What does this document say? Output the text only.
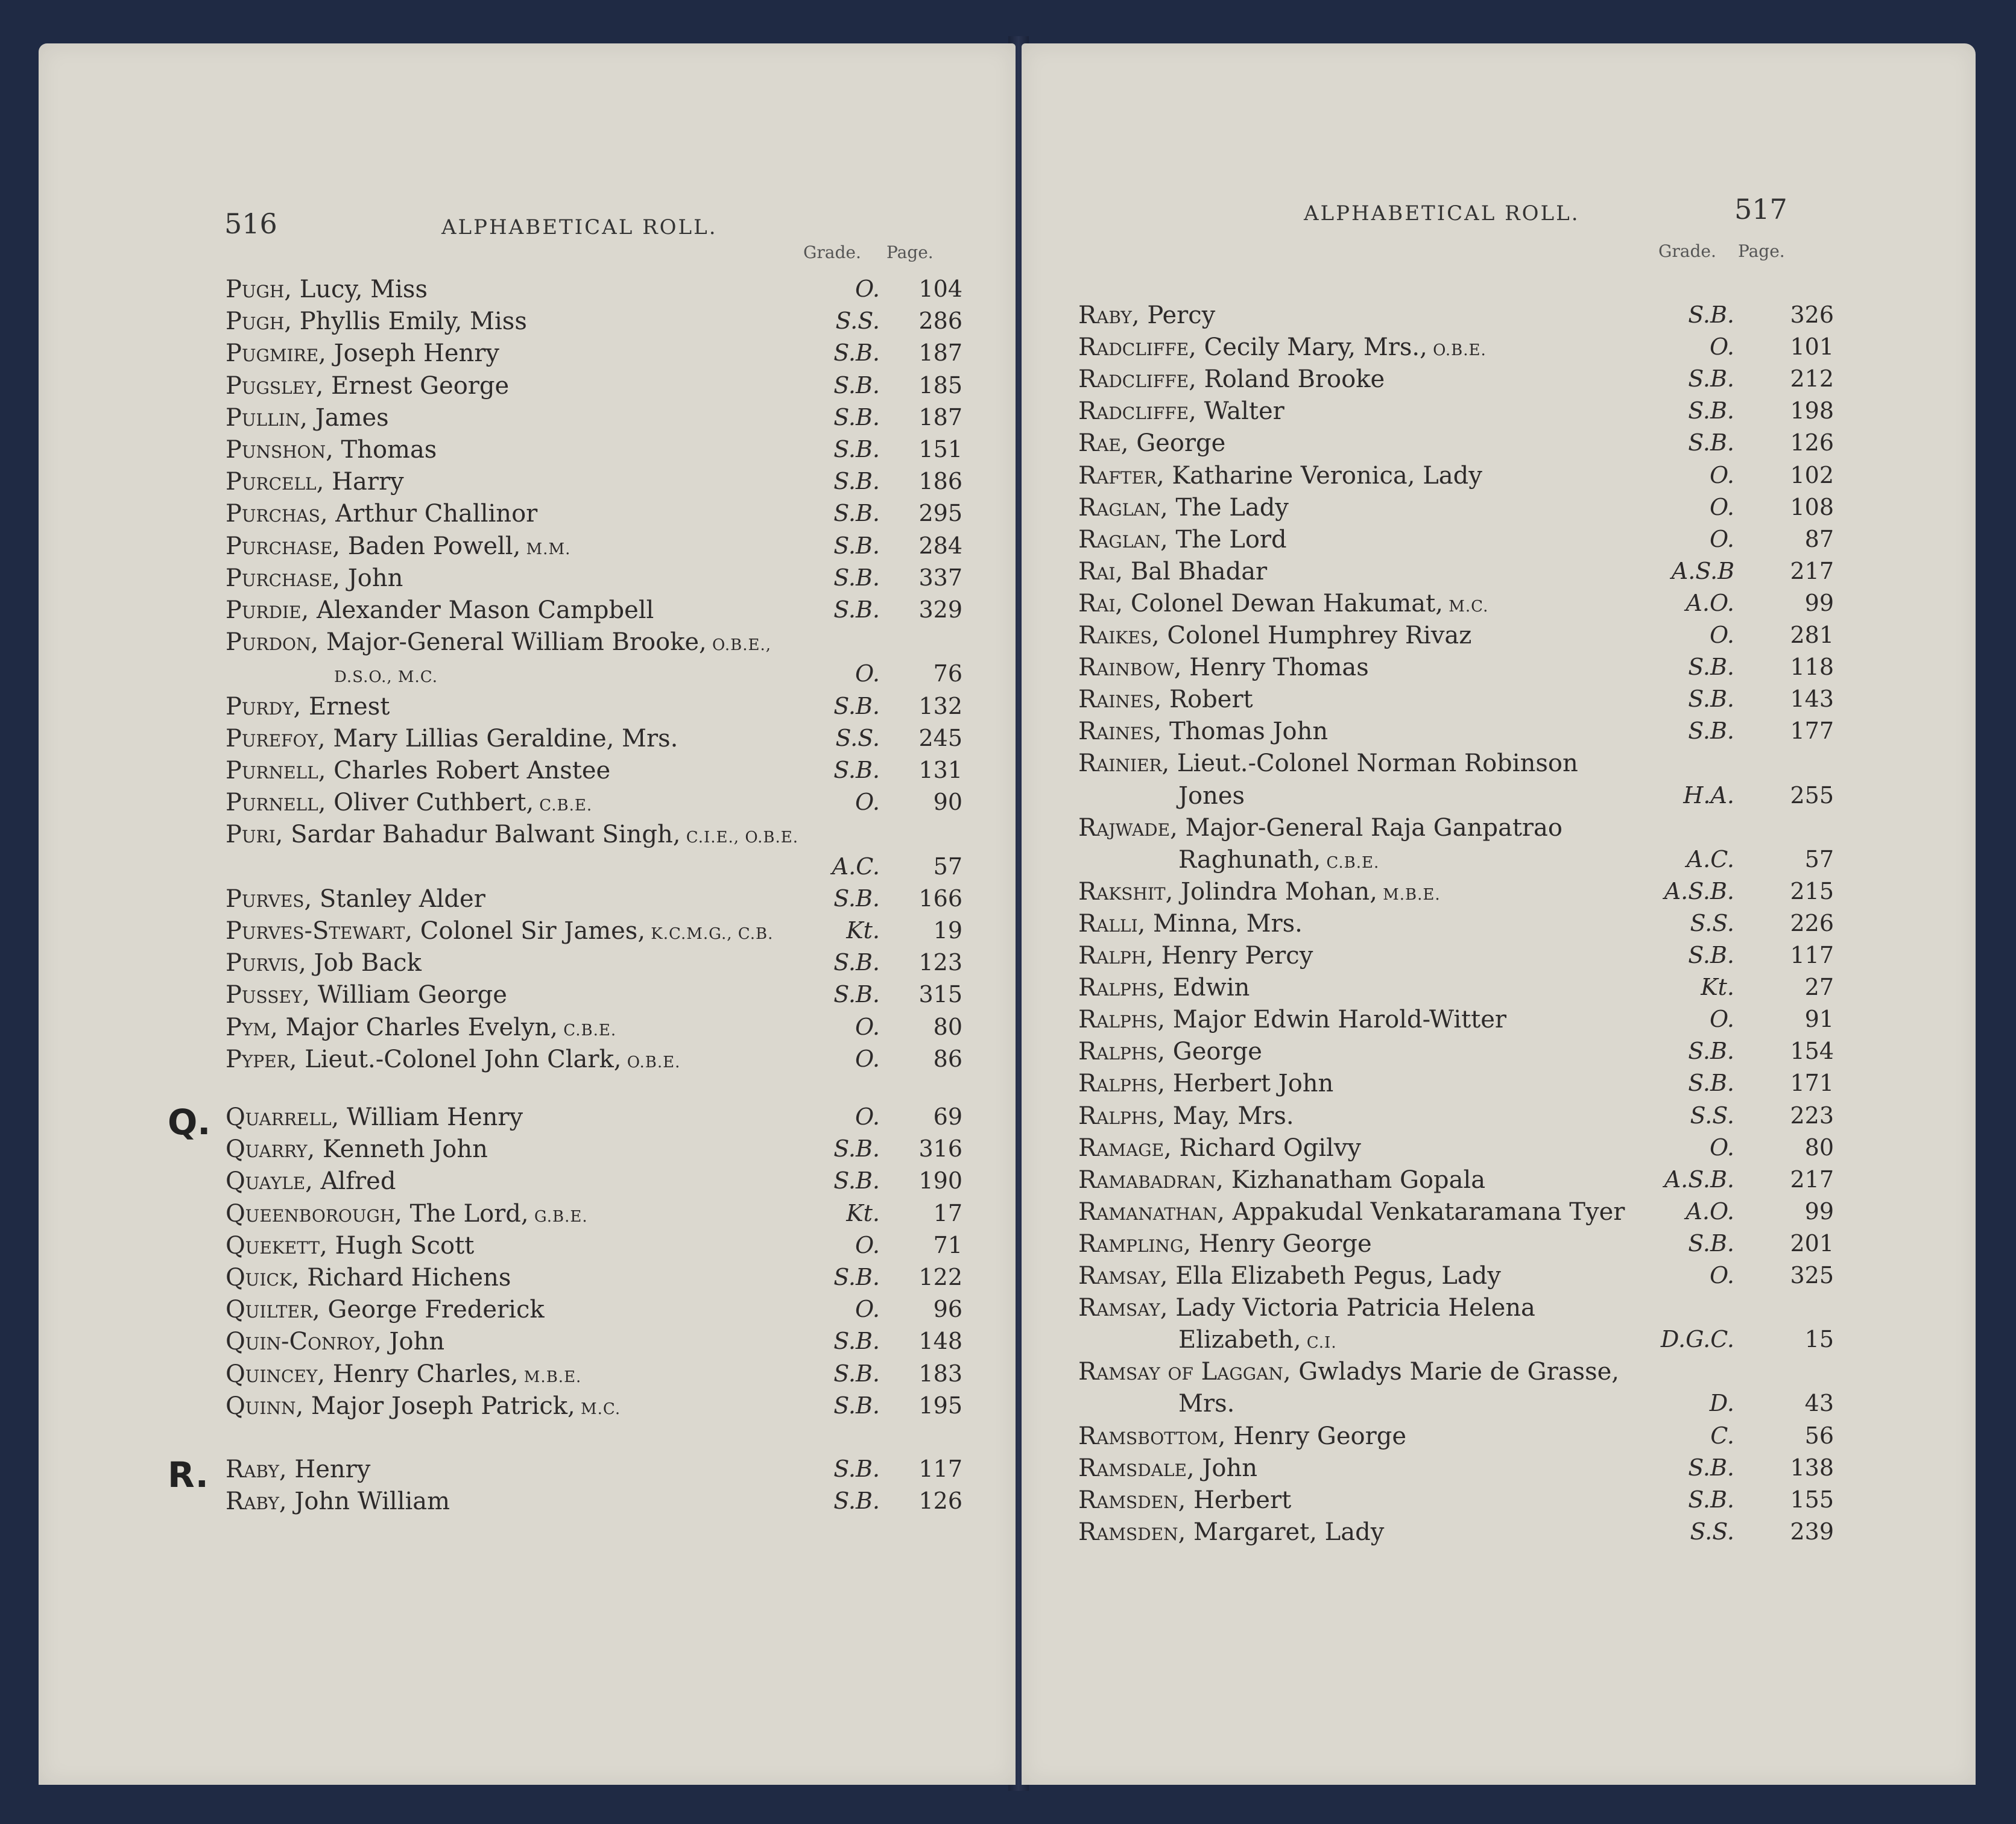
516	ALPHABETICAL ROLL.
Grade. Page.
Pugh, Lucy, Miss	O. 104
Pugh, Phyllis Emily, Miss	S.S. 286
Pugmire, Joseph Henry	S.B. 187
Pugsley, Ernest George	S.B. 185
Pullin, James	S.B. 187
Punshon, Thomas	S.B. 151
Purcell, Harry	S.B. 186
Purchas, Arthur Challinor	S.B. 295
Purchase, Baden Powell, M.M.	S.B. 284
Purchase, John	S.B. 337
Purdie, Alexander Mason Campbell	S.B. 329
Purdon, Major-General William Brooke, O.B.E.,
D.S.O., M.C.	O. 76
Purdy, Ernest	S.B. 132
Purefoy, Mary Lillias Geraldine, Mrs.	S.S. 245
Purnell, Charles Robert Anstee	S.B. 131
Purnell, Oliver Cuthbert, C.B.E.	O. 90
Puri, Sardar Bahadur Balwant Singh, C.I.E., O.B.E.
A.C. 57
Purves, Stanley Alder	S.B. 166
Purves-Stewart, Colonel Sir James, K.C.M.G., C.B.	Kt. 19
Purvis, Job Back	S.B. 123
Pussey, William George	S.B. 315
Pym, Major Charles Evelyn, C.B.E.	O. 80
Pyper, Lieut.-Colonel John Clark, O.B.E.	O. 86
Q. Quarrell, William Henry	O. 69
Quarry, Kenneth John	S.B. 316
Quayle, Alfred	S.B. 190
Queenborough, The Lord, G.B.E.	Kt. 17
Quekett, Hugh Scott	O. 71
Quick, Richard Hichens	S.B. 122
Quilter, George Frederick	O. 96
Quin-Conroy, John	S.B. 148
Quincey, Henry Charles, M.B.E.	S.B. 183
Quinn, Major Joseph Patrick, M.C.	S.B. 195
R. Raby, Henry	S.B. 117
Raby, John William	S.B. 126
ALPHABETICAL ROLL.	517
Grade. Page.
Raby, Percy	S.B. 326
Radcliffe, Cecily Mary, Mrs., O.B.E.	O. 101
Radcliffe, Roland Brooke	S.B. 212
Radcliffe, Walter	S.B. 198
Rae, George	S.B. 126
Rafter, Katharine Veronica, Lady	O. 102
Raglan, The Lady	O. 108
Raglan, The Lord	O.	87
Rai, Bal Bhadar	A.S.B 217
Rai, Colonel Dewan Hakumat, M.C.	A.O.	99
Raikes, Colonel Humphrey Rivaz	O. 281
Rainbow, Henry Thomas	S.B. 118
Raines, Robert	S.B. 143
Raines, Thomas John	S.B. 177
Rainier, Lieut.-Colonel Norman Robinson
Jones	H.A. 255
Rajwade, Major-General Raja Ganpatrao
Raghunath, C.B.E.	A.C.	57
Rakshit, Jolindra Mohan, M.B.E.	A.S.B. 215
Ralli, Minna, Mrs.	S.S. 226
Ralph, Henry Percy	S.B. 117
Ralphs, Edwin	Kt.	27
Ralphs, Major Edwin Harold-Witter	O.	91
Ralphs, George	S.B. 154
Ralphs, Herbert John	S.B. 171
Ralphs, May, Mrs.	S.S. 223
Ramage, Richard Ogilvy	O.	80
Ramabadran, Kizhanatham Gopala	A.S.B. 217
Ramanathan, Appakudal Venkataramana Tyer	A.O.	99
Rampling, Henry George	S.B. 201
Ramsay, Ella Elizabeth Pegus, Lady	O. 325
Ramsay, Lady Victoria Patricia Helena
Elizabeth, C.I.	D.G.C.	15
Ramsay of Laggan, Gwladys Marie de Grasse,
Mrs.	D.	43
Ramsbottom, Henry George	C.	56
Ramsdale, John	S.B. 138
Ramsden, Herbert	S.B. 155
Ramsden, Margaret, Lady	S.S. 239
